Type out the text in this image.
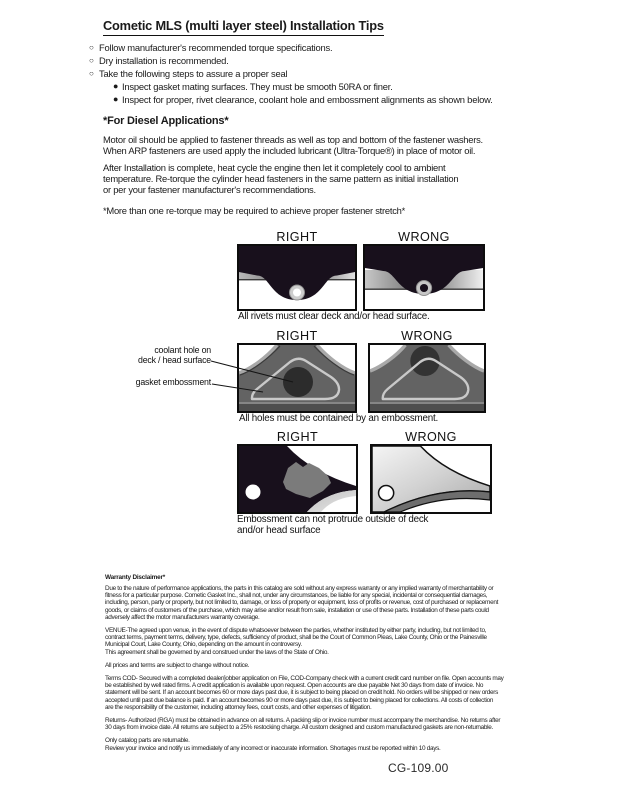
Cometic MLS (multi layer steel) Installation Tips
○ Follow manufacturer's recommended torque specifications.
○ Dry installation is recommended.
○ Take the following steps to assure a proper seal
● Inspect gasket mating surfaces. They must be smooth 50RA or finer.
● Inspect for proper, rivet clearance, coolant hole and embossment alignments as shown below.
*For Diesel Applications*
Motor oil should be applied to fastener threads as well as top and bottom of the fastener washers.
When ARP fasteners are used apply the included lubricant (Ultra-Torque®) in place of motor oil.
After Installation is complete, heat cycle the engine then let it completely cool to ambient
temperature. Re-torque the cylinder head fasteners in the same pattern as initial installation
or per your fastener manufacturer's recommendations.
*More than one re-torque may be required to achieve proper fastener stretch*
RIGHT	WRONG
All rivets must clear deck and/or head surface.
RIGHT	WRONG
coolant hole on
deck / head surface
gasket embossment
All holes must be contained by an embossment.
RIGHT	WRONG
Embossment can not protrude outside of deck
and/or head surface
Warranty Disclaimer*
Due to the nature of performance applications, the parts in this catalog are sold without any express warranty or any implied warranty of merchantability or
fitness for a particular purpose. Cometic Gasket Inc., shall not, under any circumstances, be liable for any special, incidental or consequential damages,
including, person, party or property, but not limited to, damage, or loss of property or equipment, loss of profits or revenue, cost of purchased or replacement
goods, or claims of customers of the purchase, which may arise and/or result from sale, installation or use of these parts. Installation of these parts could
adversely affect the motor manufacturers warranty coverage.
VENUE-The agreed upon venue, in the event of dispute whatsoever between the parties, whether instituted by either party, including, but not limited to,
contract terms, payment terms, delivery, type, defects, sufficiency of product, shall be the Court of Common Pleas, Lake County, Ohio or the Painesville
Municipal Court, Lake County, Ohio, depending on the amount in controversy.
This agreement shall be governed by and construed under the laws of the State of Ohio.
All prices and terms are subject to change without notice.
Terms COD- Secured with a completed dealer/jobber application on File, COD-Company check with a current credit card number on file. Open accounts may
be established by well rated firms. A credit application is available upon request. Open accounts are due payable Net 30 days from date of invoice. No
statement will be sent. If an account becomes 60 or more days past due, it is subject to being placed on credit hold. No orders will be shipped or new orders
accepted until past due balance is paid. If an account becomes 90 or more days past due, it is subject to being placed for collections. All costs of collection
are the responsibility of the customer, including attorney fees, court costs, and other expenses of litigation.
Returns- Authorized (RGA) must be obtained in advance on all returns. A packing slip or invoice number must accompany the merchandise. No returns after
30 days from invoice date. All returns are subject to a 25% restocking charge. All custom designed and custom manufactured gaskets are non-returnable.
Only catalog parts are returnable.
Review your invoice and notify us immediately of any incorrect or inaccurate information. Shortages must be reported within 10 days.
CG-109.00
